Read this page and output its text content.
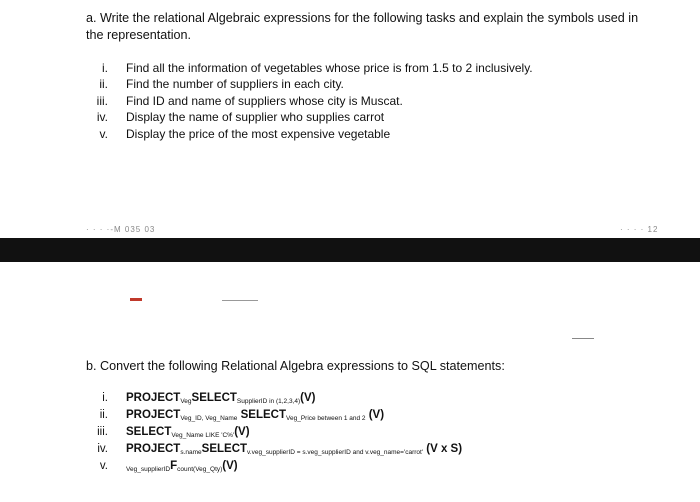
a. Write the relational Algebraic expressions for the following tasks and explain the symbols used in the representation.
i. Find all the information of vegetables whose price is from 1.5 to 2 inclusively.
ii. Find the number of suppliers in each city.
iii. Find ID and name of suppliers whose city is Muscat.
iv. Display the name of supplier who supplies carrot
v. Display the price of the most expensive vegetable
· · · ·-M 035 03	· · · · 12
b. Convert the following Relational Algebra expressions to SQL statements:
i. $PROJECT_{Veg}SELECT_{SupplierID in (1,2,3,4)}(V)$
ii. $PROJECT_{Veg\_ID, Veg\_Name}$ $SELECT_{Veg\_Price between 1 and 2}$ (V)
iii. $SELECT_{Veg\_Name LIKE 'C\%'}(V)$
iv. $PROJECT_{s.name}SELECT_{v.veg\_supplierID = s.veg\_supplierID and v.veg\_name='carrot'}$ (V x S)
v.	$_{Veg\_supplierID}F_{count(Veg\_Qty)}(V)$
